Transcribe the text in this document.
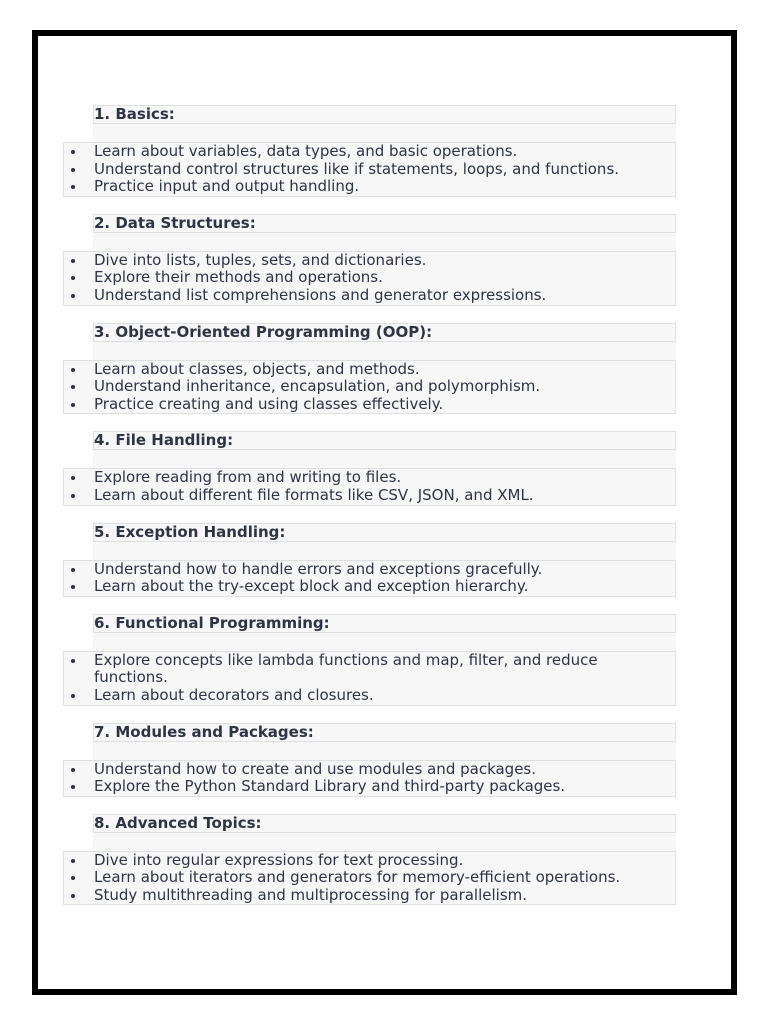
1. Basics:
Learn about variables, data types, and basic operations.
Understand control structures like if statements, loops, and functions.
Practice input and output handling.
2. Data Structures:
Dive into lists, tuples, sets, and dictionaries.
Explore their methods and operations.
Understand list comprehensions and generator expressions.
3. Object-Oriented Programming (OOP):
Learn about classes, objects, and methods.
Understand inheritance, encapsulation, and polymorphism.
Practice creating and using classes effectively.
4. File Handling:
Explore reading from and writing to files.
Learn about different file formats like CSV, JSON, and XML.
5. Exception Handling:
Understand how to handle errors and exceptions gracefully.
Learn about the try-except block and exception hierarchy.
6. Functional Programming:
Explore concepts like lambda functions and map, filter, and reduce functions.
Learn about decorators and closures.
7. Modules and Packages:
Understand how to create and use modules and packages.
Explore the Python Standard Library and third-party packages.
8. Advanced Topics:
Dive into regular expressions for text processing.
Learn about iterators and generators for memory-efficient operations.
Study multithreading and multiprocessing for parallelism.
